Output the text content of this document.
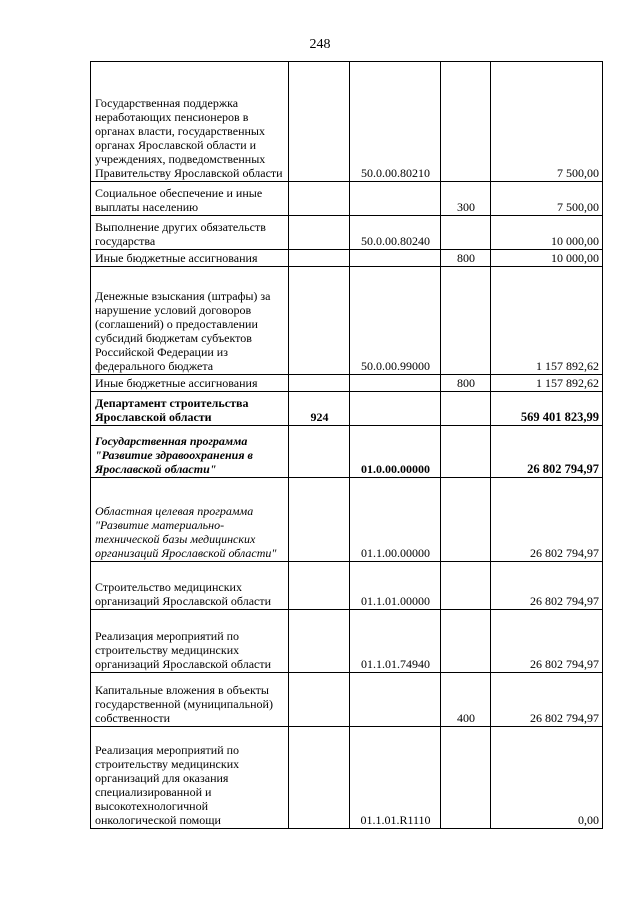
248
Государственная поддержка неработающих пенсионеров в органах власти, государственных органах Ярославской области и учреждениях, подведомственных Правительству Ярославской области		50.0.00.80210		7 500,00
Социальное обеспечение и иные выплаты населению			300	7 500,00
Выполнение других обязательств государства		50.0.00.80240		10 000,00
Иные бюджетные ассигнования			800	10 000,00
Денежные взыскания (штрафы) за нарушение условий договоров (соглашений) о предоставлении субсидий бюджетам субъектов Российской Федерации из федерального бюджета		50.0.00.99000		1 157 892,62
Иные бюджетные ассигнования			800	1 157 892,62
Департамент строительства Ярославской области	924			569 401 823,99
Государственная программа "Развитие здравоохранения в Ярославской области"		01.0.00.00000		26 802 794,97
Областная целевая программа "Развитие материально-технической базы медицинских организаций Ярославской области"		01.1.00.00000		26 802 794,97
Строительство медицинских организаций Ярославской области		01.1.01.00000		26 802 794,97
Реализация мероприятий по строительству медицинских организаций Ярославской области		01.1.01.74940		26 802 794,97
Капитальные вложения в объекты государственной (муниципальной) собственности			400	26 802 794,97
Реализация мероприятий по строительству медицинских организаций для оказания специализированной и высокотехнологичной онкологической помощи		01.1.01.R1110		0,00
